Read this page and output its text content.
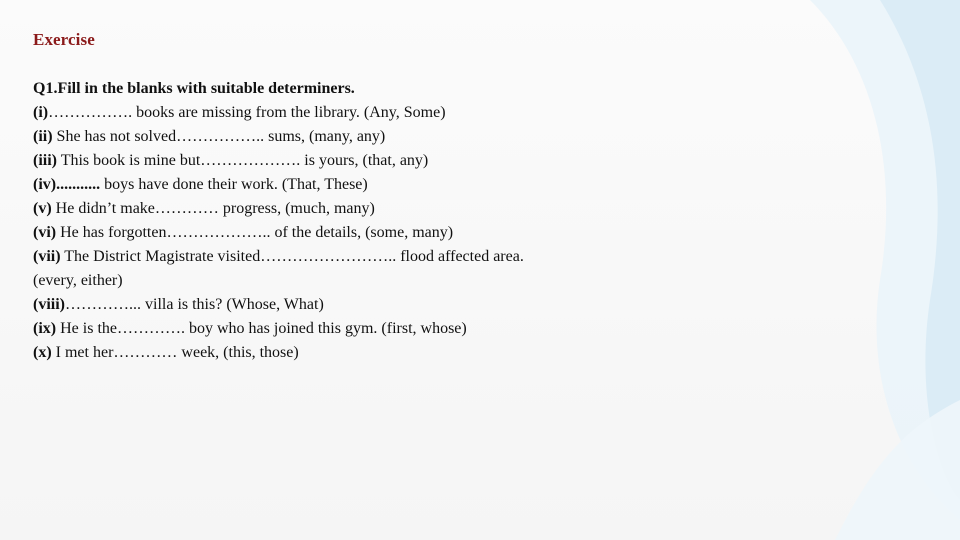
Exercise
Q1.Fill in the blanks with suitable determiners.
(i)……………. books are missing from the library. (Any, Some)
(ii) She has not solved…………….. sums, (many, any)
(iii) This book is mine but………………. is yours, (that, any)
(iv)........... boys have done their work. (That, These)
(v) He didn’t make………… progress, (much, many)
(vi) He has forgotten……………….. of the details, (some, many)
(vii) The District Magistrate visited…………………….. flood affected area.
(every, either)
(viii)…………... villa is this? (Whose, What)
(ix) He is the…………. boy who has joined this gym. (first, whose)
(x) I met her………… week, (this, those)
